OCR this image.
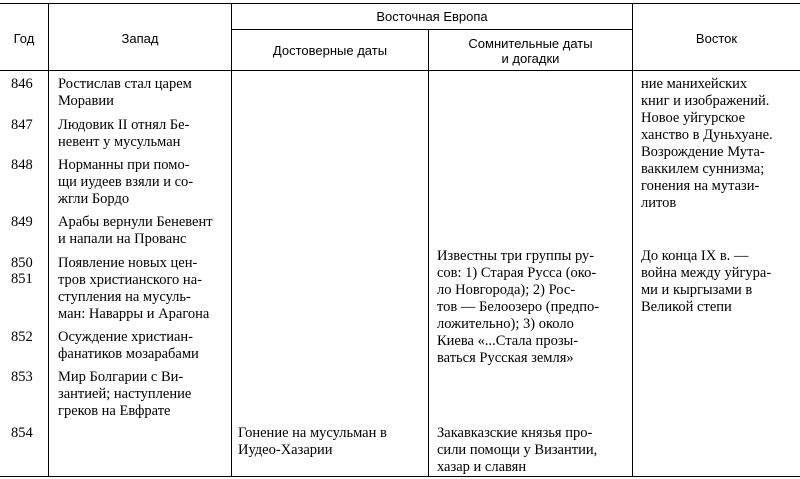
Год	Запад
Восточная Европа
Достоверные даты	Сомнительные даты
и догадки
Восток
846
847
848
849
850
851
852
853
854
Ростислав стал царем
Моравии
Людовик II отнял Бе-
невент у мусульман
Норманны при помо-
щи иудеев взяли и со-
жгли Бордо
Арабы вернули Беневент
и напали на Прованс
Появление новых цен-
тров христианского на-
ступления на мусуль-
ман: Наварры и Арагона
Осуждение христиан-
фанатиков мозарабами
Мир Болгарии с Ви-
зантией; наступление
греков на Евфрате
Гонение на мусульман в
Иудео-Хазарии
Известны три группы ру-
сов: 1) Старая Русса (око-
ло Новгорода); 2) Рос-
тов — Белоозеро (предпо-
ложительно); 3) около
Киева «...Стала прозы-
ваться Русская земля»
Закавказские князья про-
сили помощи у Византии,
хазар и славян
ние манихейских
книг и изображений.
Новое уйгурское
ханство в Дуньхуане.
Возрождение Мута-
ваккилем суннизма;
гонения на мутази-
литов
До конца IX в. —
война между уйгура-
ми и кыргызами в
Великой степи
